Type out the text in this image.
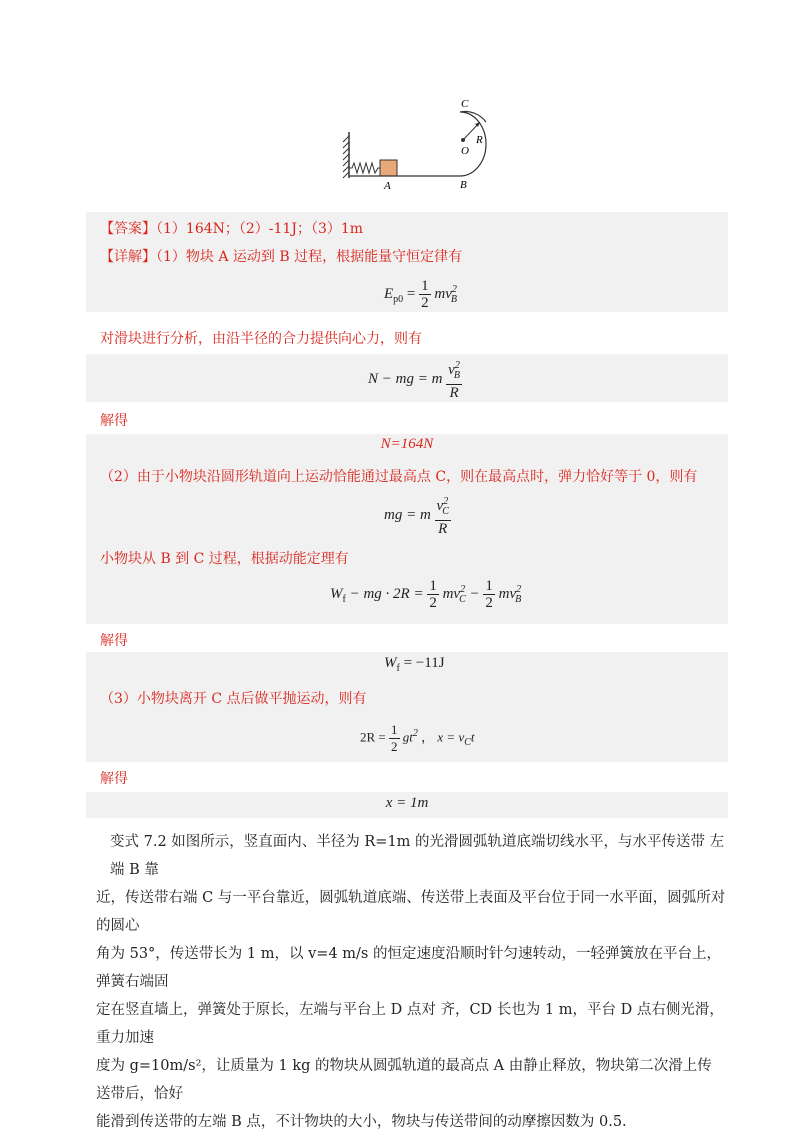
C
R
O
A	B
【答案】（1）164N；（2）-11J；（3）1m
【详解】（1）物块 A 运动到 B 过程，根据能量守恒定律有
$E_{p0} = \frac{1}{2} mv^2_B$
对滑块进行分析，由沿半径的合力提供向心力，则有
N − mg = m $\frac{v^2_B}{R}$
解得
N=164N
（2）由于小物块沿圆形轨道向上运动恰能通过最高点 C，则在最高点时，弹力恰好等于 0，则有
mg = m $\frac{v^2_C}{R}$
小物块从 B 到 C 过程，根据动能定理有
$W_f$ − mg · $2R = \frac{1}{2} mv^2_C - \frac{1}{2} mv^2_B$
解得
$W_f = -11J$
（3）小物块离开 C 点后做平抛运动，则有
$2R = \frac{1}{2} gt^2$ ， $x = v_Ct$
解得
x = 1m
变式 7.2 如图所示，竖直面内、半径为 R=1m 的光滑圆弧轨道底端切线水平，与水平传送带 左端 B 靠
近，传送带右端 C 与一平台靠近，圆弧轨道底端、传送带上表面及平台位于同一水平面，圆弧所对的圆心
角为 53°，传送带长为 1 m，以 v=4 m/s 的恒定速度沿顺时针匀速转动，一轻弹簧放在平台上，弹簧右端固
定在竖直墙上，弹簧处于原长，左端与平台上 D 点对 齐，CD 长也为 1 m，平台 D 点右侧光滑，重力加速
度为 g=10m/s²，让质量为 1 kg 的物块从圆弧轨道的最高点 A 由静止释放，物块第二次滑上传送带后，恰好
能滑到传送带的左端 B 点，不计物块的大小，物块与传送带间的动摩擦因数为 0.5.
